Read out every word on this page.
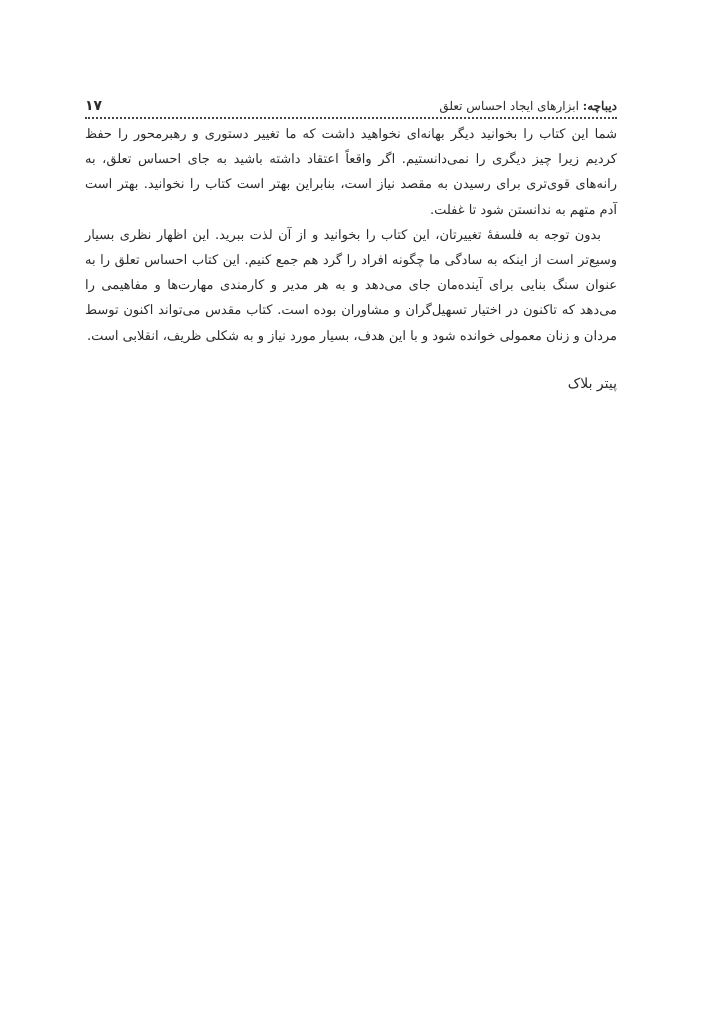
دیباچه: ابزارهای ایجاد احساس تعلق
۱۷

شما این کتاب را بخوانید دیگر بهانه‌ای نخواهید داشت که ما تغییر دستوری و رهبرمحور را حفظ کردیم زیرا چیز دیگری را نمی‌دانستیم. اگر واقعاً اعتقاد داشته باشید به جای احساس تعلق، به رانه‌های قوی‌تری برای رسیدن به مقصد نیاز است، بنابراین بهتر است کتاب را نخوانید. بهتر است آدم متهم به ندانستن شود تا غفلت.

بدون توجه به فلسفهٔ تغییرتان، این کتاب را بخوانید و از آن لذت ببرید. این اظهار نظری بسیار وسیع‌تر است از اینکه به سادگی ما چگونه افراد را گرد هم جمع کنیم. این کتاب احساس تعلق را به عنوان سنگ بنایی برای آینده‌مان جای می‌دهد و به هر مدیر و کارمندی مهارت‌ها و مفاهیمی را می‌دهد که تاکنون در اختیار تسهیل‌گران و مشاوران بوده است. کتاب مقدس می‌تواند اکنون توسط مردان و زنان معمولی خوانده شود و با این هدف، بسیار مورد نیاز و به شکلی ظریف، انقلابی است.

پیتر بلاک
